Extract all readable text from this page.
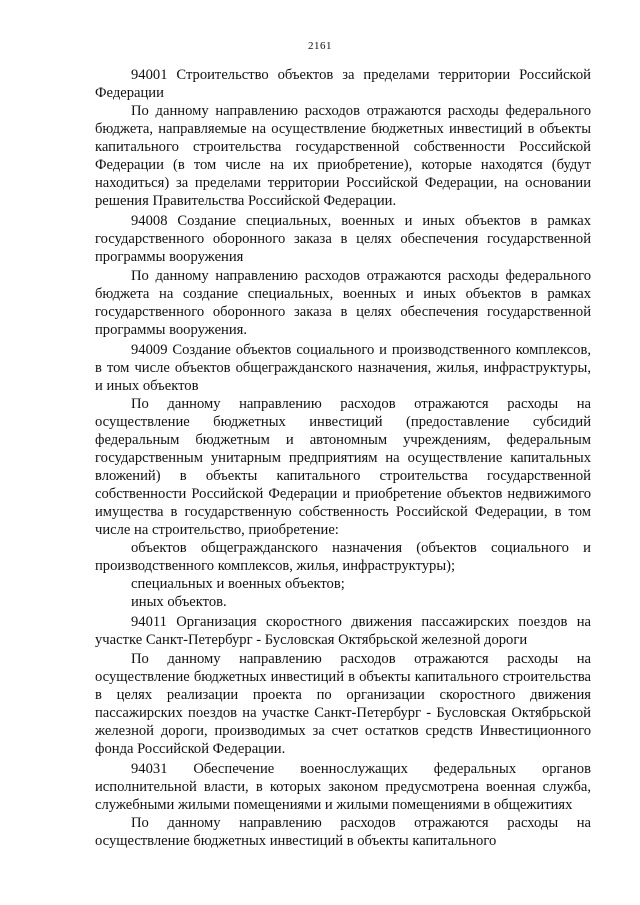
2161

94001 Строительство объектов за пределами территории Российской Федерации

По данному направлению расходов отражаются расходы федерального бюджета, направляемые на осуществление бюджетных инвестиций в объекты капитального строительства государственной собственности Российской Федерации (в том числе на их приобретение), которые находятся (будут находиться) за пределами территории Российской Федерации, на основании решения Правительства Российской Федерации.

94008 Создание специальных, военных и иных объектов в рамках государственного оборонного заказа в целях обеспечения государственной программы вооружения

По данному направлению расходов отражаются расходы федерального бюджета на создание специальных, военных и иных объектов в рамках государственного оборонного заказа в целях обеспечения государственной программы вооружения.

94009 Создание объектов социального и производственного комплексов, в том числе объектов общегражданского назначения, жилья, инфраструктуры, и иных объектов

По данному направлению расходов отражаются расходы на осуществление бюджетных инвестиций (предоставление субсидий федеральным бюджетным и автономным учреждениям, федеральным государственным унитарным предприятиям на осуществление капитальных вложений) в объекты капитального строительства государственной собственности Российской Федерации и приобретение объектов недвижимого имущества в государственную собственность Российской Федерации, в том числе на строительство, приобретение:

объектов общегражданского назначения (объектов социального и производственного комплексов, жилья, инфраструктуры);

специальных и военных объектов;

иных объектов.

94011 Организация скоростного движения пассажирских поездов на участке Санкт-Петербург - Бусловская Октябрьской железной дороги

По данному направлению расходов отражаются расходы на осуществление бюджетных инвестиций в объекты капитального строительства в целях реализации проекта по организации скоростного движения пассажирских поездов на участке Санкт-Петербург - Бусловская Октябрьской железной дороги, производимых за счет остатков средств Инвестиционного фонда Российской Федерации.

94031 Обеспечение военнослужащих федеральных органов исполнительной власти, в которых законом предусмотрена военная служба, служебными жилыми помещениями и жилыми помещениями в общежитиях

По данному направлению расходов отражаются расходы на осуществление бюджетных инвестиций в объекты капитального
